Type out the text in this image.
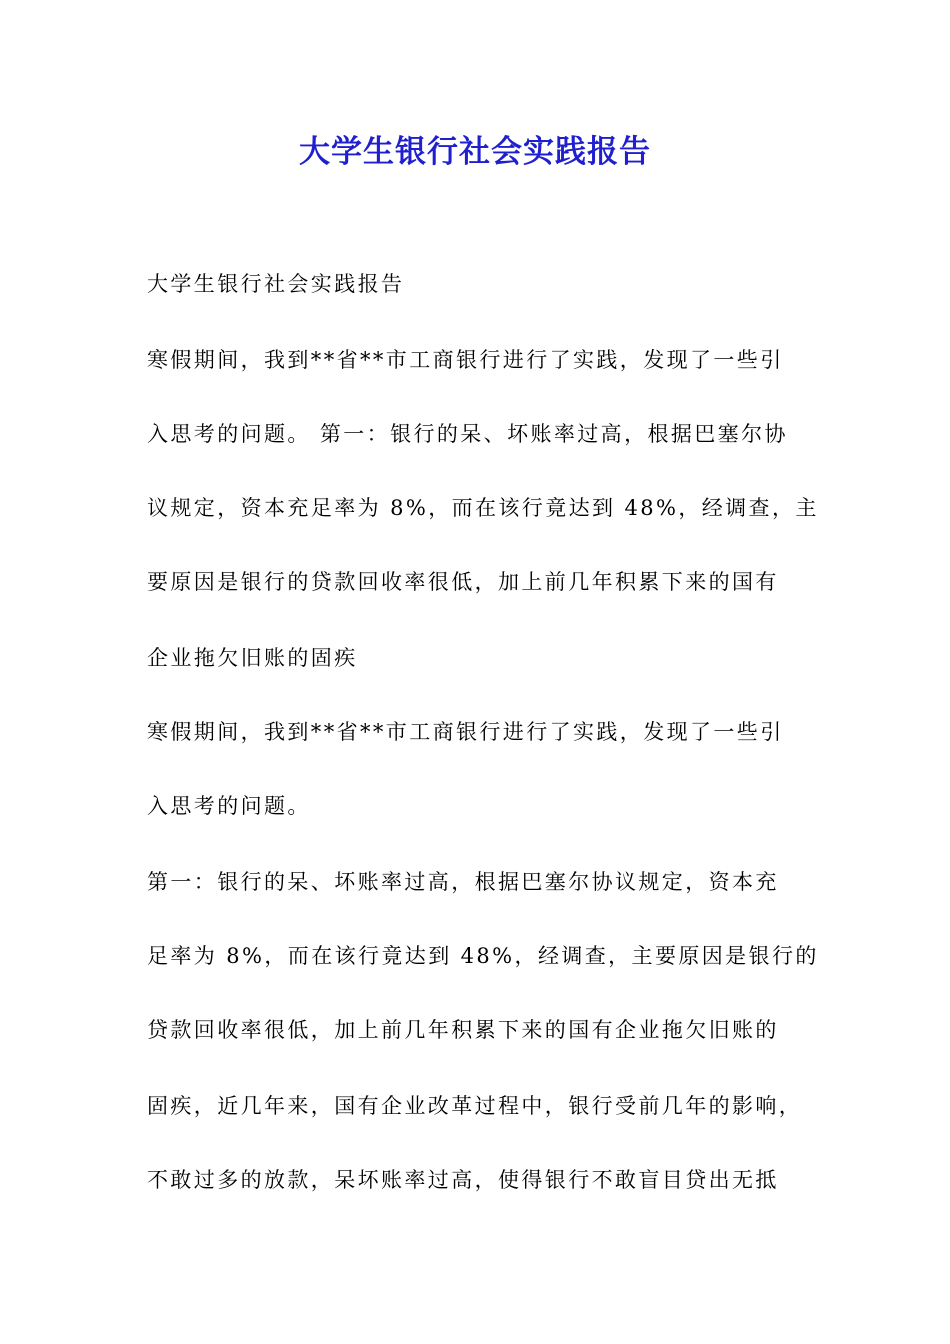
大学生银行社会实践报告
大学生银行社会实践报告
寒假期间，我到**省**市工商银行进行了实践，发现了一些引
入思考的问题。 第一：银行的呆、坏账率过高，根据巴塞尔协
议规定，资本充足率为 8%，而在该行竟达到 48%，经调查，主
要原因是银行的贷款回收率很低，加上前几年积累下来的国有
企业拖欠旧账的固疾
寒假期间，我到**省**市工商银行进行了实践，发现了一些引
入思考的问题。
第一：银行的呆、坏账率过高，根据巴塞尔协议规定，资本充
足率为 8%，而在该行竟达到 48%，经调查，主要原因是银行的
贷款回收率很低，加上前几年积累下来的国有企业拖欠旧账的
固疾，近几年来，国有企业改革过程中，银行受前几年的影响，
不敢过多的放款，呆坏账率过高，使得银行不敢盲目贷出无抵
